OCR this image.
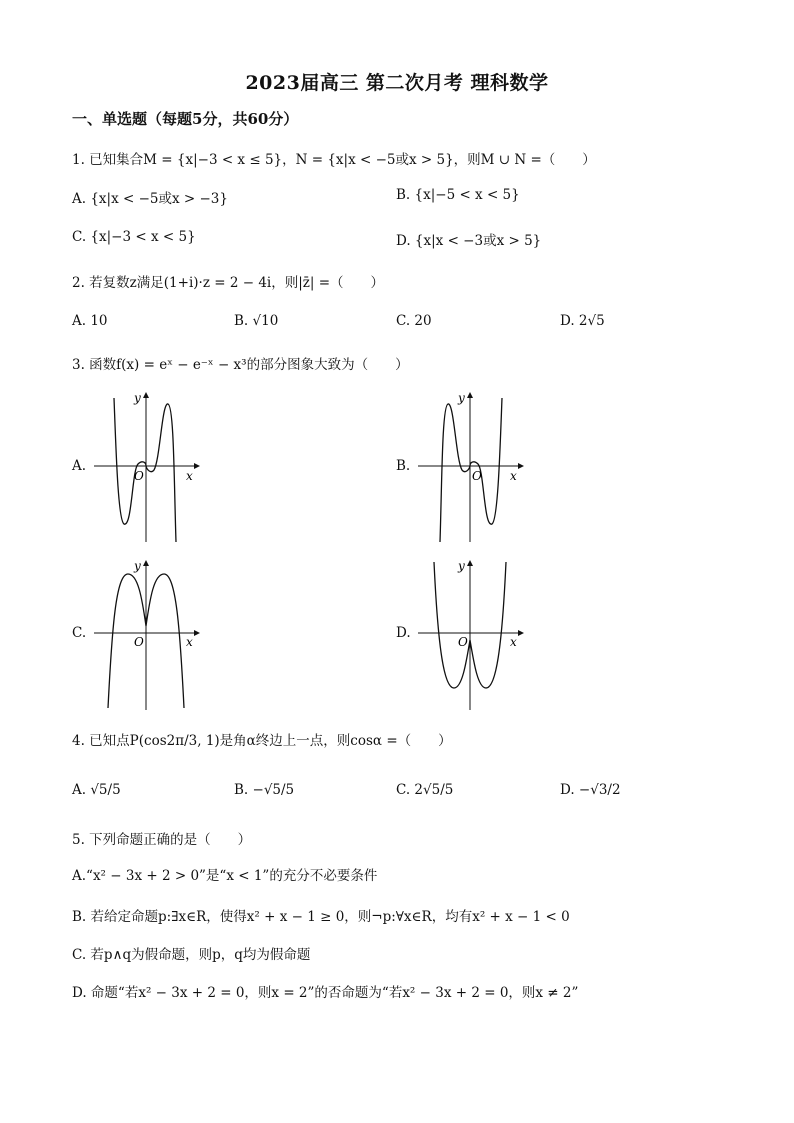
2023届高三 第二次月考 理科数学
一、单选题（每题5分，共60分）
1. 已知集合M = {x|−3 < x ≤ 5}，N = {x|x < −5或x > 5}，则M ∪ N =（　　）
A. {x|x < −5或x > −3}	B. {x|−5 < x < 5}
C. {x|−3 < x < 5}	D. {x|x < −3或x > 5}
2. 若复数z满足(1+i)·z = 2 − 4i，则|z̄| =（　　）
A. 10	B. √10	C. 20	D. 2√5
3. 函数f(x) = eˣ − e⁻ˣ − x³的部分图象大致为（　　）
A.
y
x
O
B.
y
x
O
C.
y
x
O
D.
y
x
O
4. 已知点P(cos2π/3, 1)是角α终边上一点，则cosα =（　　）
A. √5/5	B. −√5/5	C. 2√5/5	D. −√3/2
5. 下列命题正确的是（　　）
A.“x² − 3x + 2 > 0”是“x < 1”的充分不必要条件
B. 若给定命题p:∃x∈R，使得x² + x − 1 ≥ 0，则¬p:∀x∈R，均有x² + x − 1 < 0
C. 若p∧q为假命题，则p，q均为假命题
D. 命题“若x² − 3x + 2 = 0，则x = 2”的否命题为“若x² − 3x + 2 = 0，则x ≠ 2”
